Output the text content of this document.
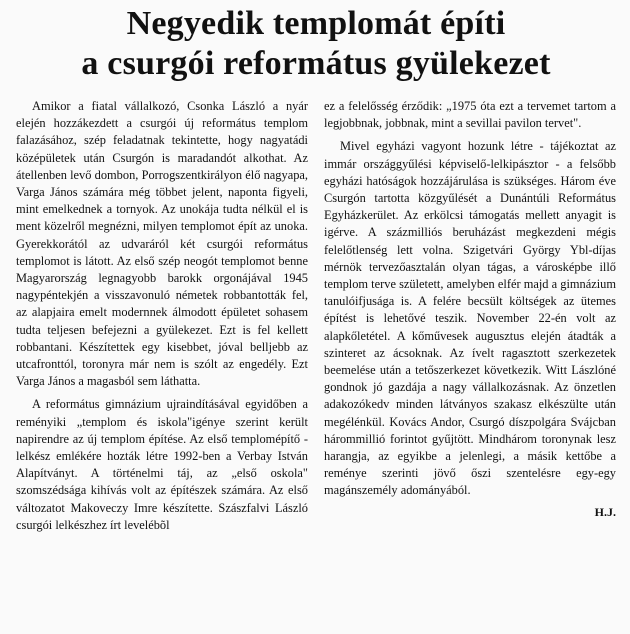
Negyedik templomát építi
a csurgói református gyülekezet

Amikor a fiatal vállalkozó, Csonka László a nyár elején hozzákezdett a csurgói új református templom falazásához, szép feladatnak tekintette, hogy nagyatádi középületek után Csurgón is maradandót alkothat. Az átellenben levő dombon, Porrogszentkirályon élő nagyapa, Varga János számára még többet jelent, naponta figyeli, mint emelkednek a tornyok. Az unokája tudta nélkül el is ment közelről megnézni, milyen templomot épít az unoka. Gyerekkorától az udvaráról két csurgói református templomot is látott. Az első szép neogót templomot benne Magyarország legnagyobb barokk orgonájával 1945 nagypéntekjén a visszavonuló németek robbantották fel, az alapjaira emelt modernnek álmodott épületet sohasem tudta teljesen befejezni a gyülekezet. Ezt is fel kellett robbantani. Készítettek egy kisebbet, jóval belljebb az utcafronttól, toronyra már nem is szólt az engedély. Ezt Varga János a magasból sem láthatta.

A református gimnázium ujraindításával egyidőben a reményiki „templom és iskola"igénye szerint került napirendre az új templom építése. Az első templomépítő -lelkész emlékére hozták létre 1992-ben a Verbay István Alapítványt. A történelmi táj, az „első oskola" szomszédsága kihívás volt az építészek számára. Az első változatot Makoveczy Imre készítette. Szászfalvi László csurgói lelkészhez írt levelébõl

ez a felelősség érződik: „1975 óta ezt a tervemet tartom a legjobbnak, jobbnak, mint a sevillai pavilon tervet".

Mivel egyházi vagyont hozunk létre - tájékoztat az immár országgyűlési képviselő-lelkipásztor - a felsőbb egyházi hatóságok hozzájárulása is szükséges. Három éve Csurgón tartotta közgyűlését a Dunántúli Református Egyházkerület. Az erkölcsi támogatás mellett anyagit is igérve. A százmilliós beruházást megkezdeni mégis felelőtlenség lett volna. Szigetvári György Ybl-díjas mérnök tervezőasztalán olyan tágas, a városképbe illő templom terve született, amelyben elfér majd a gimnázium tanulóifjusága is. A felére becsült költségek az ütemes építést is lehetővé teszik. November 22-én volt az alapkőletétel. A kőművesek augusztus elején átadták a szinteret az ácsoknak. Az ívelt ragasztott szerkezetek beemelése után a tetőszerkezet következik. Witt Lászlóné gondnok jó gazdája a nagy vállalkozásnak. Az önzetlen adakozókedv minden látványos szakasz elkészülte után megélénkül. Kovács Andor, Csurgó díszpolgára Svájcban hárommillió forintot gyűjtött. Mindhárom toronynak lesz harangja, az egyikbe a jelenlegi, a másik kettőbe a reménye szerinti jövő őszi szentelésre egy-egy magánszemély adományából.

H.J.
